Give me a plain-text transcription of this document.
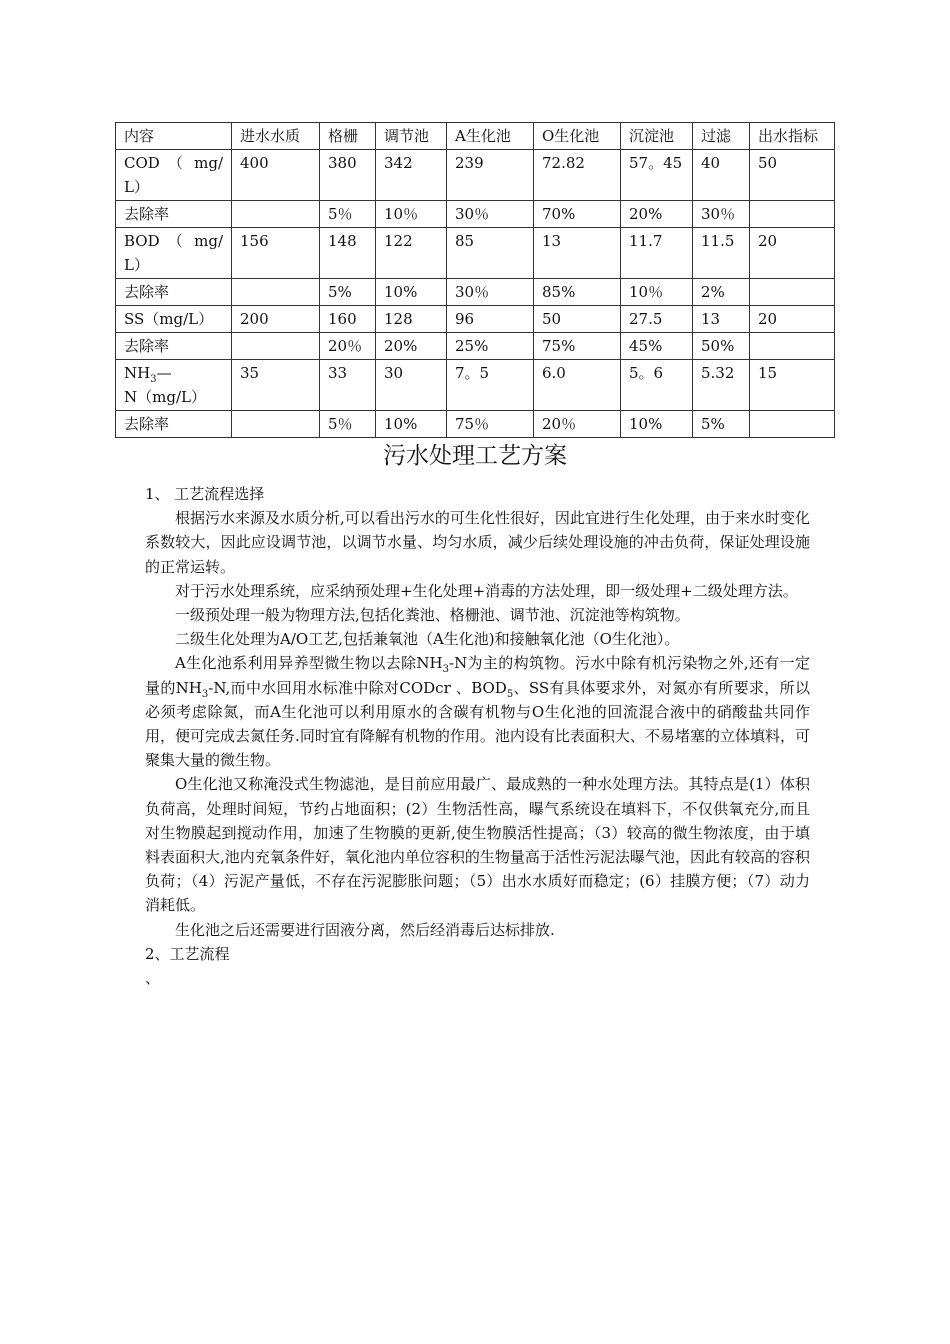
内容	进水水质	格栅	调节池	A生化池	O生化池	沉淀池	过滤	出水指标

COD （ mg/
L）	400	380	342	239	72.82	57。45	40	50
去除率		5％	10％	30％	70%	20%	30％	

BOD （ mg/
L）	156	148	122	85	13	11.7	11.5	20
去除率		5%	10%	30％	85%	10％	2%	
SS（mg/L）	200	160	128	96	50	27.5	13	20
去除率		20％	20%	25%	75%	45%	50%	

$NH_3—$
N（mg/L）	35	33	30	7。5	6.0	5。6	5.32	15
去除率		5％	10%	75％	20％	10%	5%	
污水处理工艺方案

1、 工艺流程选择

根据污水来源及水质分析,可以看出污水的可生化性很好，因此宜进行生化处理，由于来水时变化系数较大，因此应设调节池，以调节水量、均匀水质，减少后续处理设施的冲击负荷，保证处理设施的正常运转。

对于污水处理系统，应采纳预处理+生化处理+消毒的方法处理，即一级处理+二级处理方法。

一级预处理一般为物理方法,包括化粪池、格栅池、调节池、沉淀池等构筑物。

二级生化处理为A/O工艺,包括兼氧池（A生化池)和接触氧化池（O生化池）。

A生化池系利用异养型微生物以去除$NH_3-N$为主的构筑物。污水中除有机污染物之外,还有一定量的$NH_3-N$,而中水回用水标准中除对CODcr 、$BOD_5$、SS有具体要求外，对氮亦有所要求，所以必须考虑除氮，而A生化池可以利用原水的含碳有机物与O生化池的回流混合液中的硝酸盐共同作用，便可完成去氮任务.同时宜有降解有机物的作用。池内设有比表面积大、不易堵塞的立体填料，可聚集大量的微生物。

O生化池又称淹没式生物滤池，是目前应用最广、最成熟的一种水处理方法。其特点是(1）体积负荷高，处理时间短，节约占地面积；(2）生物活性高，曝气系统设在填料下，不仅供氧充分,而且对生物膜起到搅动作用，加速了生物膜的更新,使生物膜活性提高；（3）较高的微生物浓度，由于填料表面积大,池内充氧条件好，氧化池内单位容积的生物量高于活性污泥法曝气池，因此有较高的容积负荷；（4）污泥产量低，不存在污泥膨胀问题；（5）出水水质好而稳定；(6）挂膜方便；（7）动力消耗低。

生化池之后还需要进行固液分离，然后经消毒后达标排放.

2、工艺流程

、
